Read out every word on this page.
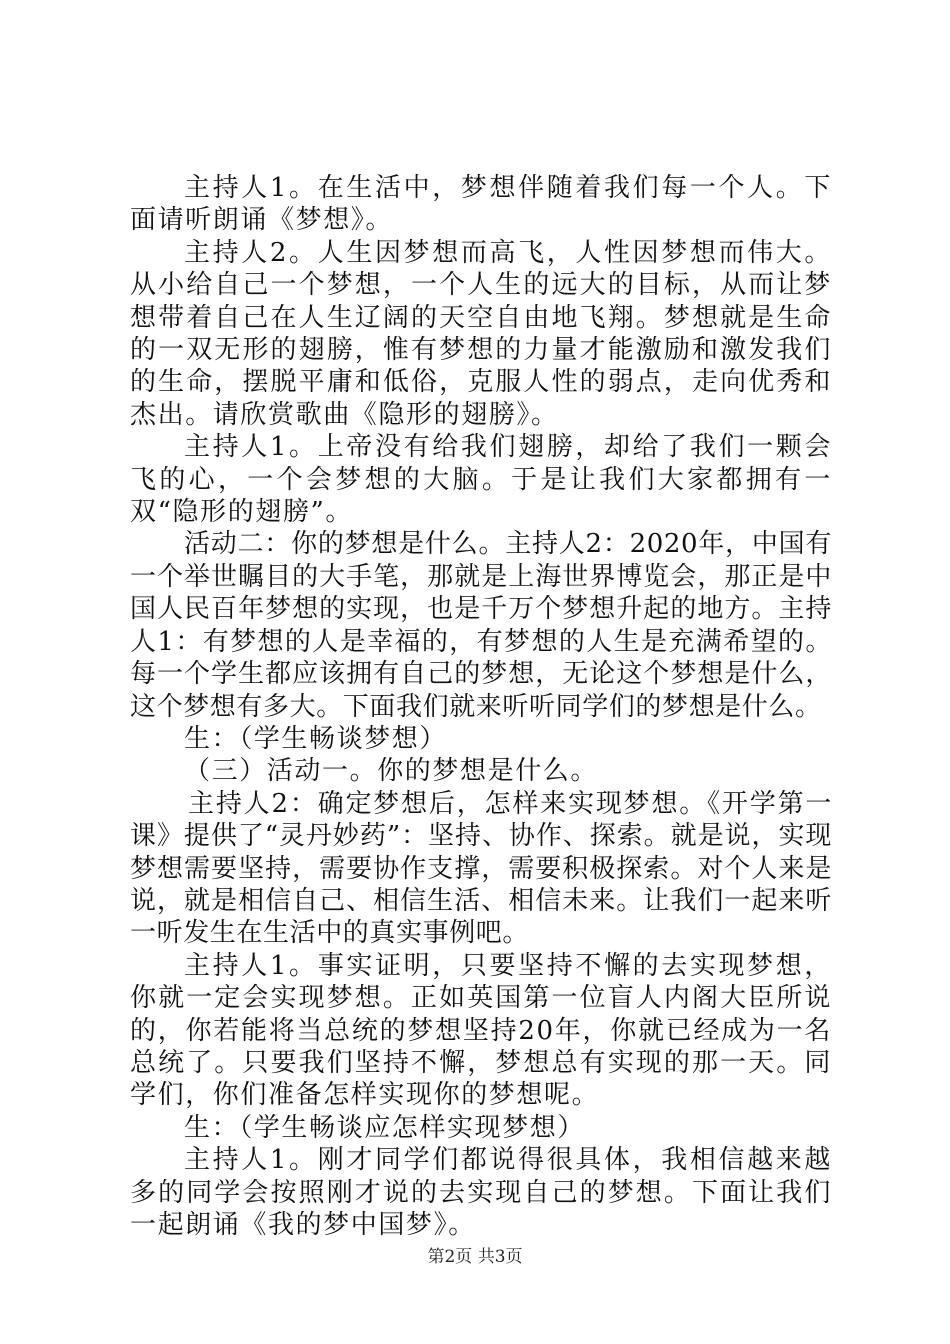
主持人1。在生活中，梦想伴随着我们每一个人。下面请听朗诵《梦想》。

主持人2。人生因梦想而高飞，人性因梦想而伟大。从小给自己一个梦想，一个人生的远大的目标，从而让梦想带着自己在人生辽阔的天空自由地飞翔。梦想就是生命的一双无形的翅膀，惟有梦想的力量才能激励和激发我们的生命，摆脱平庸和低俗，克服人性的弱点，走向优秀和杰出。请欣赏歌曲《隐形的翅膀》。

主持人1。上帝没有给我们翅膀，却给了我们一颗会飞的心，一个会梦想的大脑。于是让我们大家都拥有一双“隐形的翅膀”。

活动二：你的梦想是什么。主持人2：2020年，中国有一个举世瞩目的大手笔，那就是上海世界博览会，那正是中国人民百年梦想的实现，也是千万个梦想升起的地方。主持人1：有梦想的人是幸福的，有梦想的人生是充满希望的。每一个学生都应该拥有自己的梦想，无论这个梦想是什么，这个梦想有多大。下面我们就来听听同学们的梦想是什么。

生：（学生畅谈梦想）

（三）活动一。你的梦想是什么。

主持人2：确定梦想后，怎样来实现梦想。《开学第一课》提供了“灵丹妙药”：坚持、协作、探索。就是说，实现梦想需要坚持，需要协作支撑，需要积极探索。对个人来是说，就是相信自己、相信生活、相信未来。让我们一起来听一听发生在生活中的真实事例吧。

主持人1。事实证明，只要坚持不懈的去实现梦想，你就一定会实现梦想。正如英国第一位盲人内阁大臣所说的，你若能将当总统的梦想坚持20年，你就已经成为一名总统了。只要我们坚持不懈，梦想总有实现的那一天。同学们，你们准备怎样实现你的梦想呢。

生：（学生畅谈应怎样实现梦想）

主持人1。刚才同学们都说得很具体，我相信越来越多的同学会按照刚才说的去实现自己的梦想。下面让我们一起朗诵《我的梦中国梦》。

第2页 共3页
